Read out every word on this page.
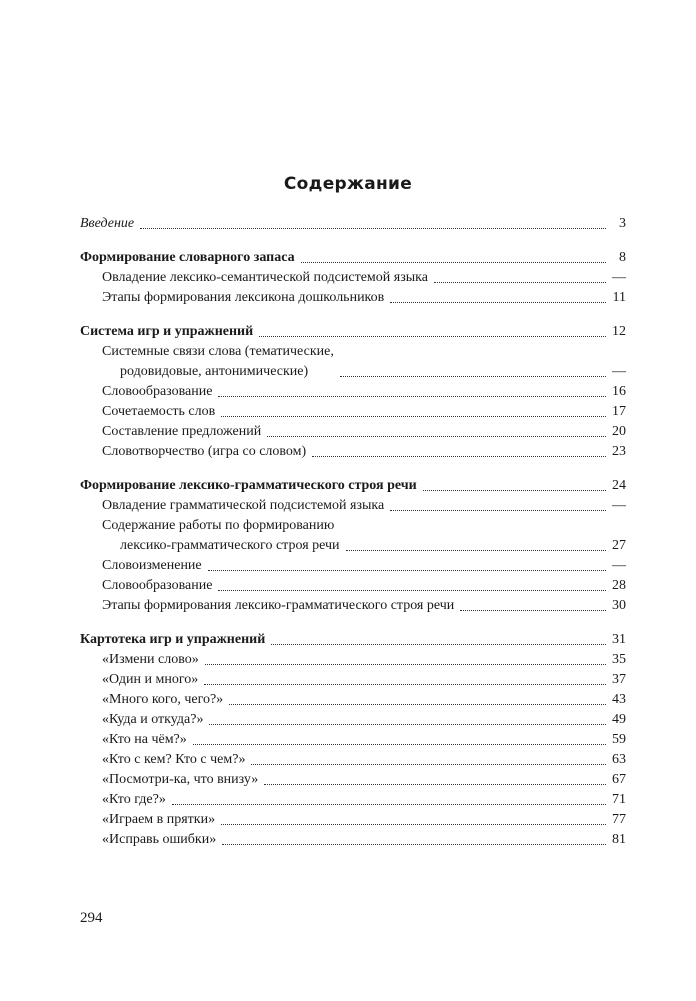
Содержание
Введение	3
Формирование словарного запаса	8
Овладение лексико-семантической подсистемой языка	—
Этапы формирования лексикона дошкольников	11
Система игр и упражнений	12
Системные связи слова (тематические,
родовидовые, антонимические)	—
Словообразование	16
Сочетаемость слов	17
Составление предложений	20
Словотворчество (игра со словом)	23
Формирование лексико-грамматического строя речи	24
Овладение грамматической подсистемой языка	—
Содержание работы по формированию
лексико-грамматического строя речи	27
Словоизменение	—
Словообразование	28
Этапы формирования лексико-грамматического строя речи	30
Картотека игр и упражнений	31
«Измени слово»	35
«Один и много»	37
«Много кого, чего?»	43
«Куда и откуда?»	49
«Кто на чём?»	59
«Кто с кем? Кто с чем?»	63
«Посмотри-ка, что внизу»	67
«Кто где?»	71
«Играем в прятки»	77
«Исправь ошибки»	81
294
